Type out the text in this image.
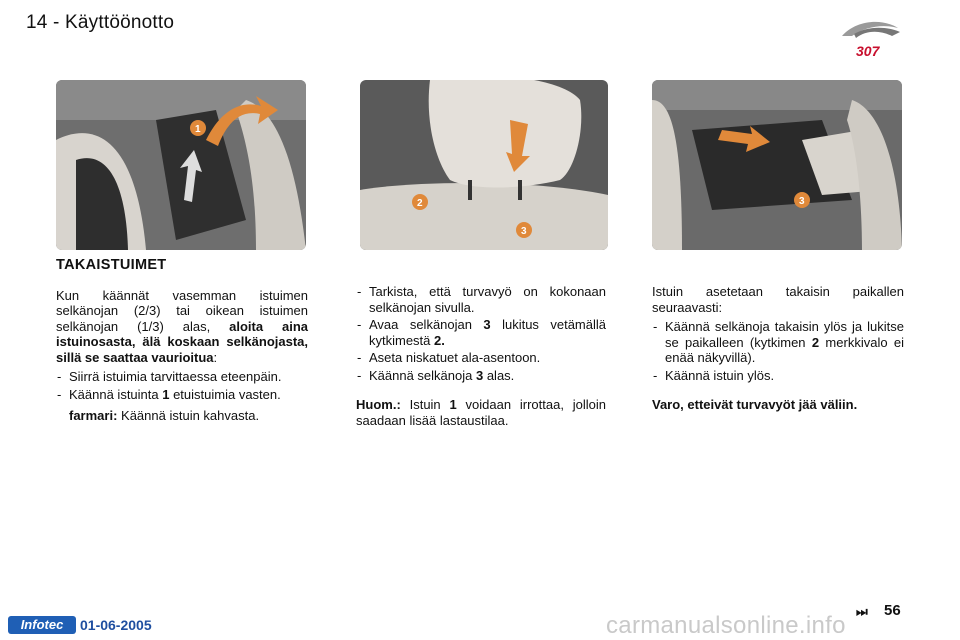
14 - Käyttöönotto
307
1
2
3
3
TAKAISTUIMET

Kun käännät vasemman istuimen selkänojan (2/3) tai oikean istuimen selkänojan (1/3) alas, aloita aina istuinosasta, älä koskaan selkänojasta, sillä se saattaa vaurioitua:

- Siirrä istuimia tarvittaessa eteenpäin.
- Käännä istuinta 1 etuistuimia vasten.
farmari: Käännä istuin kahvasta.
- Tarkista, että turvavyö on kokonaan selkänojan sivulla.
- Avaa selkänojan 3 lukitus vetämällä kytkimestä 2.
- Aseta niskatuet ala-asentoon.
- Käännä selkänoja 3 alas.

Huom.: Istuin 1 voidaan irrottaa, jolloin saadaan lisää lastaustilaa.

Istuin asetetaan takaisin paikallen seuraavasti:

- Käännä selkänoja takaisin ylös ja lukitse se paikalleen (kytkimen 2 merkkivalo ei enää näkyvillä).
- Käännä istuin ylös.

Varo, etteivät turvavyöt jää väliin.

Infotec	01-06-2005	carmanualsonline.info
⏭ 56
